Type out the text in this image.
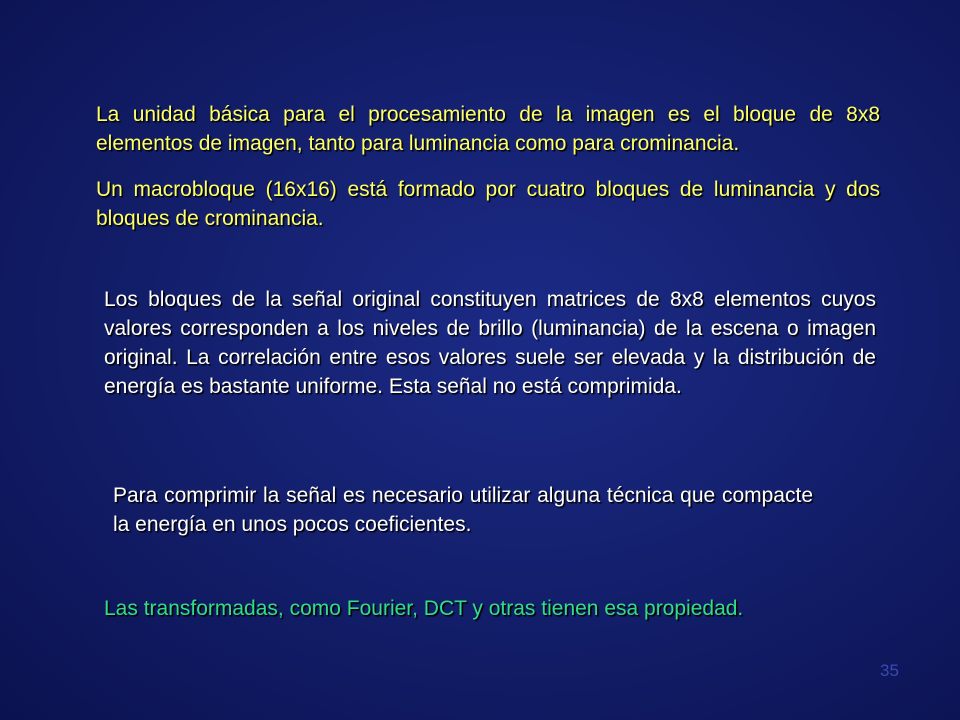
La unidad básica para el procesamiento de la imagen es el bloque de 8x8 elementos de imagen, tanto para luminancia como para crominancia.

Un macrobloque (16x16) está formado por cuatro bloques de luminancia y dos bloques de crominancia.

Los bloques de la señal original constituyen matrices de 8x8 elementos cuyos valores corresponden a los niveles de brillo (luminancia) de la escena o imagen original. La correlación entre esos valores suele ser elevada y la distribución de energía es bastante uniforme. Esta señal no está comprimida.

Para comprimir la señal es necesario utilizar alguna técnica que compacte la energía en unos pocos coeficientes.

Las transformadas, como Fourier, DCT y otras tienen esa propiedad.

35
